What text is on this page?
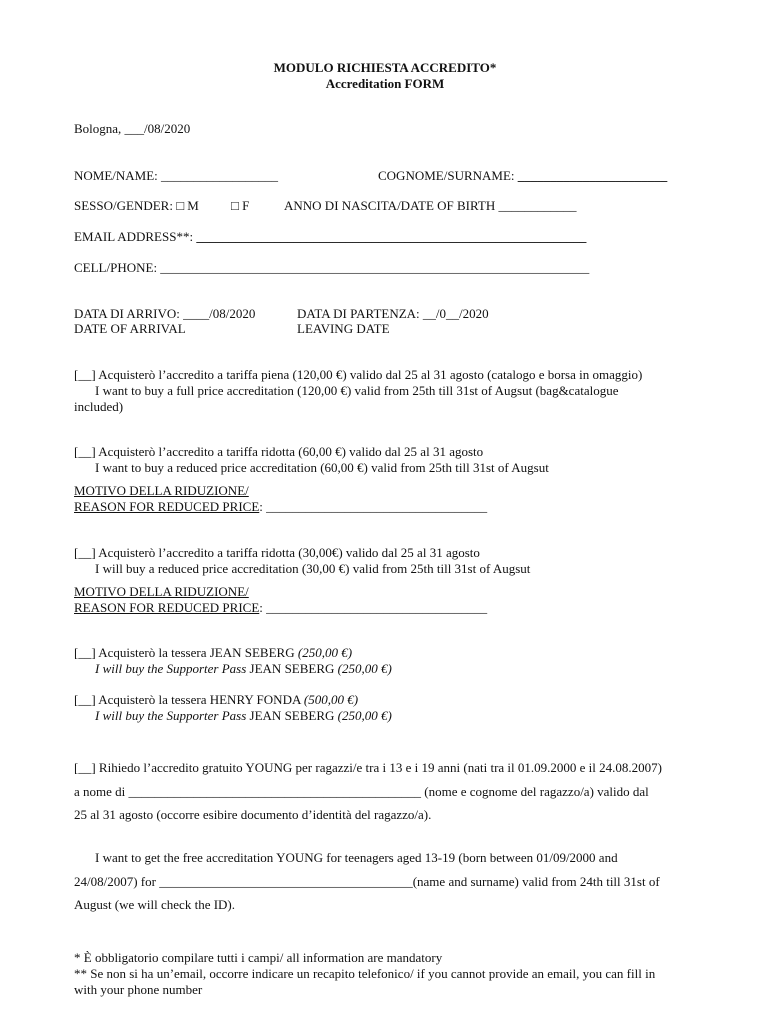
MODULO RICHIESTA ACCREDITO*
Accreditation FORM
Bologna, ___/08/2020
NOME/NAME: __________________	COGNOME/SURNAME: _______________________
SESSO/GENDER: □ M □ F	ANNO DI NASCITA/DATE OF BIRTH ____________
EMAIL ADDRESS**: ____________________________________________________________
CELL/PHONE: __________________________________________________________________
DATA DI ARRIVO: ____/08/2020
DATE OF ARRIVAL
DATA DI PARTENZA: __/0__/2020
LEAVING DATE
[__] Acquisterò l’accredito a tariffa piena (120,00 €) valido dal 25 al 31 agosto (catalogo e borsa in omaggio)
I want to buy a full price accreditation (120,00 €) valid from 25th till 31st of Augsut (bag&catalogue
included)
[__] Acquisterò l’accredito a tariffa ridotta (60,00 €) valido dal 25 al 31 agosto
I want to buy a reduced price accreditation (60,00 €) valid from 25th till 31st of Augsut
MOTIVO DELLA RIDUZIONE/
REASON FOR REDUCED PRICE: __________________________________
[__] Acquisterò l’accredito a tariffa ridotta (30,00€) valido dal 25 al 31 agosto
I will buy a reduced price accreditation (30,00 €) valid from 25th till 31st of Augsut
MOTIVO DELLA RIDUZIONE/
REASON FOR REDUCED PRICE: __________________________________
[__] Acquisterò la tessera JEAN SEBERG (250,00 €)
I will buy the Supporter Pass JEAN SEBERG (250,00 €)
[__] Acquisterò la tessera HENRY FONDA (500,00 €)
I will buy the Supporter Pass JEAN SEBERG (250,00 €)
[__] Rihiedo l’accredito gratuito YOUNG per ragazzi/e tra i 13 e i 19 anni (nati tra il 01.09.2000 e il 24.08.2007)
a nome di _____________________________________________ (nome e cognome del ragazzo/a) valido dal
25 al 31 agosto (occorre esibire documento d’identità del ragazzo/a).
I want to get the free accreditation YOUNG for teenagers aged 13-19 (born between 01/09/2000 and
24/08/2007) for _______________________________________(name and surname) valid from 24th till 31st of
August (we will check the ID).
* È obbligatorio compilare tutti i campi/ all information are mandatory
** Se non si ha un’email, occorre indicare un recapito telefonico/ if you cannot provide an email, you can fill in
with your phone number
